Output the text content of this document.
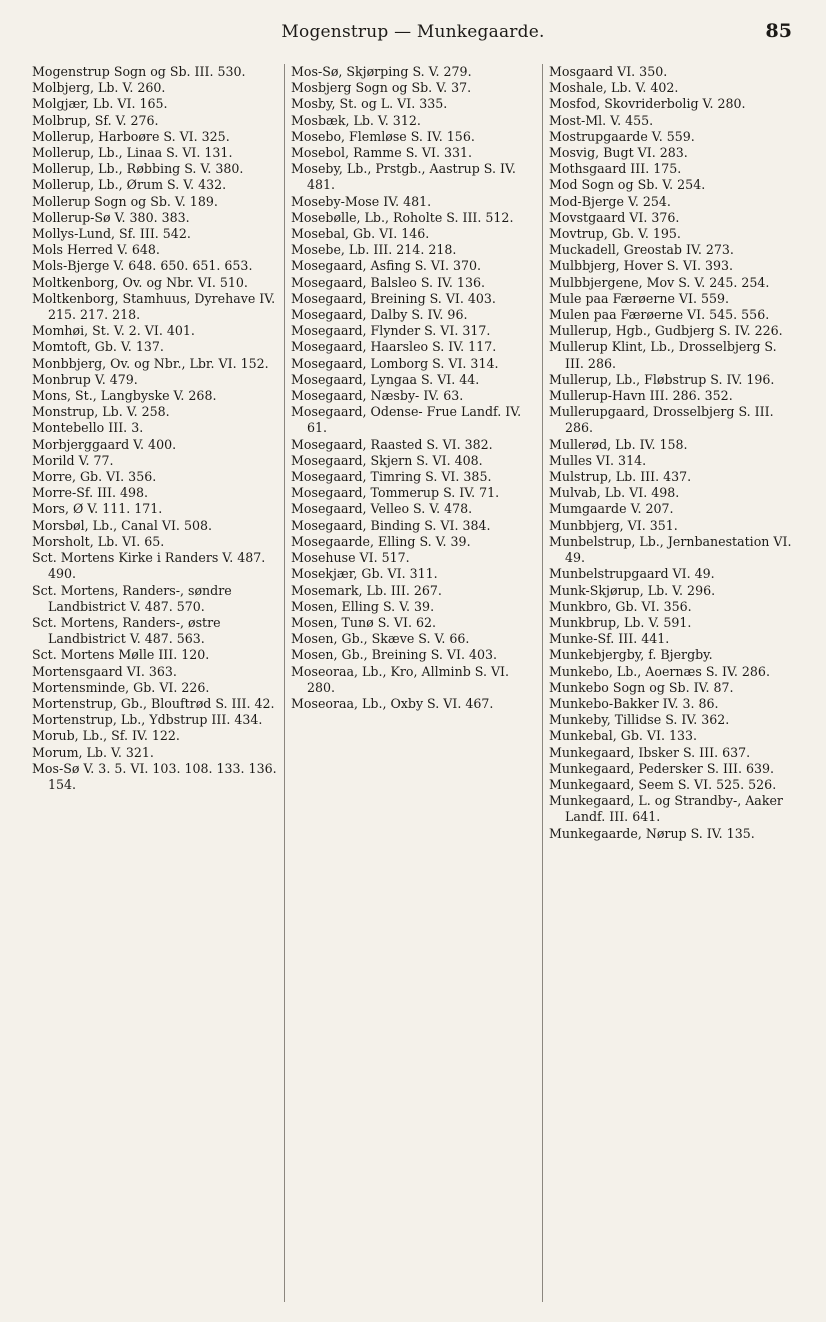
Mogenstrup — Munkegaarde.	85

Mogenstrup Sogn og Sb. III. 530.

Molbjerg, Lb. V. 260.

Molgjær, Lb. VI. 165.

Molbrup, Sf. V. 276.

Mollerup, Harboøre S. VI. 325.

Mollerup, Lb., Linaa S. VI. 131.

Mollerup, Lb., Røbbing S. V. 380.

Mollerup, Lb., Ørum S. V. 432.

Mollerup Sogn og Sb. V. 189.

Mollerup-Sø V. 380. 383.

Mollys-Lund, Sf. III. 542.

Mols Herred V. 648.

Mols-Bjerge V. 648. 650. 651. 653.

Moltkenborg, Ov. og Nbr. VI. 510.

Moltkenborg, Stamhuus, Dyrehave IV. 215. 217. 218.

Momhøi, St. V. 2. VI. 401.

Momtoft, Gb. V. 137.

Monbbjerg, Ov. og Nbr., Lbr. VI. 152.

Monbrup V. 479.

Mons, St., Langbyske V. 268.

Monstrup, Lb. V. 258.

Montebello III. 3.

Morbjerggaard V. 400.

Morild V. 77.

Morre, Gb. VI. 356.

Morre-Sf. III. 498.

Mors, Ø V. 111. 171.

Morsbøl, Lb., Canal VI. 508.

Morsholt, Lb. VI. 65.

Sct. Mortens Kirke i Randers V. 487. 490.

Sct. Mortens, Randers-, søndre Landbistrict V. 487. 570.

Sct. Mortens, Randers-, østre Landbistrict V. 487. 563.

Sct. Mortens Mølle III. 120.

Mortensgaard VI. 363.

Mortensminde, Gb. VI. 226.

Mortenstrup, Gb., Blouftrød S. III. 42.

Mortenstrup, Lb., Ydbstrup III. 434.

Morub, Lb., Sf. IV. 122.

Morum, Lb. V. 321.

Mos-Sø V. 3. 5. VI. 103. 108. 133. 136. 154.

Mos-Sø, Skjørping S. V. 279.

Mosbjerg Sogn og Sb. V. 37.

Mosby, St. og L. VI. 335.

Mosbæk, Lb. V. 312.

Mosebo, Flemløse S. IV. 156.

Mosebol, Ramme S. VI. 331.

Moseby, Lb., Prstgb., Aastrup S. IV. 481.

Moseby-Mose IV. 481.

Mosebølle, Lb., Roholte S. III. 512.

Mosebal, Gb. VI. 146.

Mosebe, Lb. III. 214. 218.

Mosegaard, Asfing S. VI. 370.

Mosegaard, Balsleo S. IV. 136.

Mosegaard, Breining S. VI. 403.

Mosegaard, Dalby S. IV. 96.

Mosegaard, Flynder S. VI. 317.

Mosegaard, Haarsleo S. IV. 117.

Mosegaard, Lomborg S. VI. 314.

Mosegaard, Lyngaa S. VI. 44.

Mosegaard, Næsby- IV. 63.

Mosegaard, Odense- Frue Landf. IV. 61.

Mosegaard, Raasted S. VI. 382.

Mosegaard, Skjern S. VI. 408.

Mosegaard, Timring S. VI. 385.

Mosegaard, Tommerup S. IV. 71.

Mosegaard, Velleo S. V. 478.

Mosegaard, Binding S. VI. 384.

Mosegaarde, Elling S. V. 39.

Mosehuse VI. 517.

Mosekjær, Gb. VI. 311.

Mosemark, Lb. III. 267.

Mosen, Elling S. V. 39.

Mosen, Tunø S. VI. 62.

Mosen, Gb., Skæve S. V. 66.

Mosen, Gb., Breining S. VI. 403.

Moseoraa, Lb., Kro, Allminb S. VI. 280.

Moseoraa, Lb., Oxby S. VI. 467.

Mosgaard VI. 350.

Moshale, Lb. V. 402.

Mosfod, Skovriderbolig V. 280.

Most-Ml. V. 455.

Mostrupgaarde V. 559.

Mosvig, Bugt VI. 283.

Mothsgaard III. 175.

Mod Sogn og Sb. V. 254.

Mod-Bjerge V. 254.

Movstgaard VI. 376.

Movtrup, Gb. V. 195.

Muckadell, Greostab IV. 273.

Mulbbjerg, Hover S. VI. 393.

Mulbbjergene, Mov S. V. 245. 254.

Mule paa Færøerne VI. 559.

Mulen paa Færøerne VI. 545. 556.

Mullerup, Hgb., Gudbjerg S. IV. 226.

Mullerup Klint, Lb., Drosselbjerg S. III. 286.

Mullerup, Lb., Fløbstrup S. IV. 196.

Mullerup-Havn III. 286. 352.

Mullerupgaard, Drosselbjerg S. III. 286.

Mullerød, Lb. IV. 158.

Mulles VI. 314.

Mulstrup, Lb. III. 437.

Mulvab, Lb. VI. 498.

Mumgaarde V. 207.

Munbbjerg, VI. 351.

Munbelstrup, Lb., Jernbanestation VI. 49.

Munbelstrupgaard VI. 49.

Munk-Skjørup, Lb. V. 296.

Munkbro, Gb. VI. 356.

Munkbrup, Lb. V. 591.

Munke-Sf. III. 441.

Munkebjergby, f. Bjergby.

Munkebo, Lb., Aoernæs S. IV. 286.

Munkebo Sogn og Sb. IV. 87.

Munkebo-Bakker IV. 3. 86.

Munkeby, Tillidse S. IV. 362.

Munkebal, Gb. VI. 133.

Munkegaard, Ibsker S. III. 637.

Munkegaard, Pedersker S. III. 639.

Munkegaard, Seem S. VI. 525. 526.

Munkegaard, L. og Strandby-, Aaker Landf. III. 641.

Munkegaarde, Nørup S. IV. 135.
